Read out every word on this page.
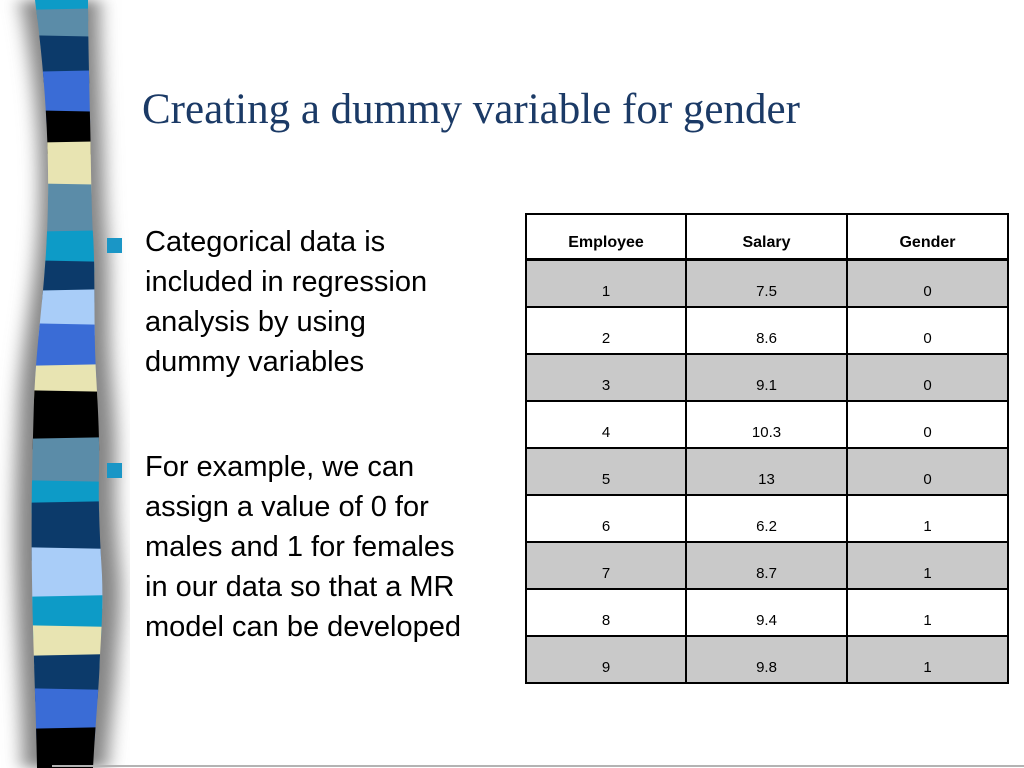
Creating a dummy variable for gender
Categorical data is
included in regression
analysis by using
dummy variables
For example, we can
assign a value of 0 for
males and 1 for females
in our data so that a MR
model can be developed
Employee	Salary	Gender
1	7.5	0
2	8.6	0
3	9.1	0
4	10.3	0
5	13	0
6	6.2	1
7	8.7	1
8	9.4	1
9	9.8	1
